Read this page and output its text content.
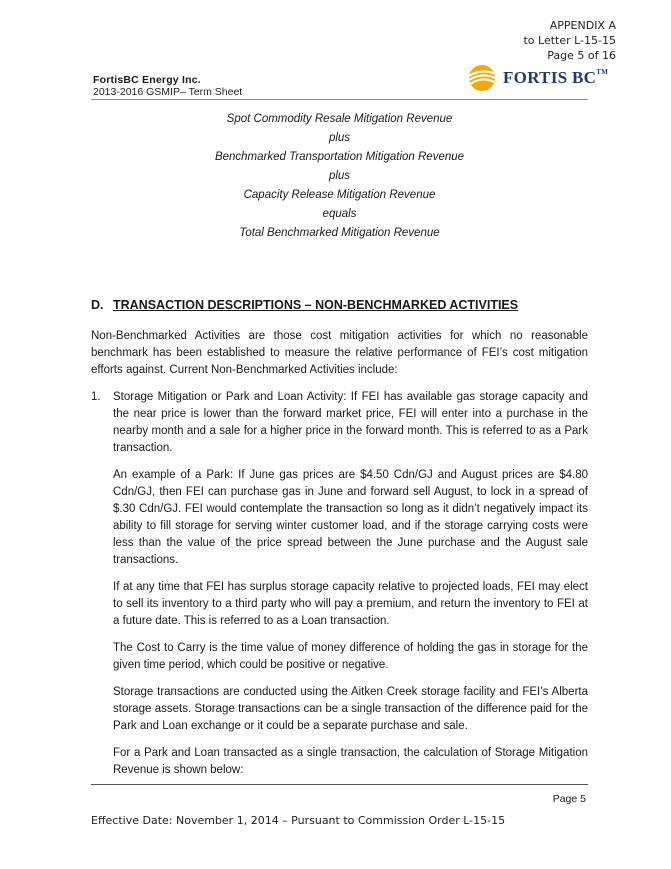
APPENDIX A
to Letter L-15-15
Page 5 of 16
FortisBC Energy Inc.
2013-2016 GSMIP– Term Sheet
FORTIS BC™
Spot Commodity Resale Mitigation Revenue
plus
Benchmarked Transportation Mitigation Revenue
plus
Capacity Release Mitigation Revenue
equals
Total Benchmarked Mitigation Revenue
D. TRANSACTION DESCRIPTIONS – NON-BENCHMARKED ACTIVITIES

Non-Benchmarked Activities are those cost mitigation activities for which no reasonable benchmark has been established to measure the relative performance of FEI’s cost mitigation efforts against. Current Non-Benchmarked Activities include:

1. Storage Mitigation or Park and Loan Activity: If FEI has available gas storage capacity and the near price is lower than the forward market price, FEI will enter into a purchase in the nearby month and a sale for a higher price in the forward month. This is referred to as a Park transaction.

An example of a Park: If June gas prices are $4.50 Cdn/GJ and August prices are $4.80 Cdn/GJ, then FEI can purchase gas in June and forward sell August, to lock in a spread of $.30 Cdn/GJ. FEI would contemplate the transaction so long as it didn’t negatively impact its ability to fill storage for serving winter customer load, and if the storage carrying costs were less than the value of the price spread between the June purchase and the August sale transactions.

If at any time that FEI has surplus storage capacity relative to projected loads, FEI may elect to sell its inventory to a third party who will pay a premium, and return the inventory to FEI at a future date. This is referred to as a Loan transaction.

The Cost to Carry is the time value of money difference of holding the gas in storage for the given time period, which could be positive or negative.

Storage transactions are conducted using the Aitken Creek storage facility and FEI’s Alberta storage assets. Storage transactions can be a single transaction of the difference paid for the Park and Loan exchange or it could be a separate purchase and sale.

For a Park and Loan transacted as a single transaction, the calculation of Storage Mitigation Revenue is shown below:

Page 5
Effective Date: November 1, 2014 – Pursuant to Commission Order L-15-15
